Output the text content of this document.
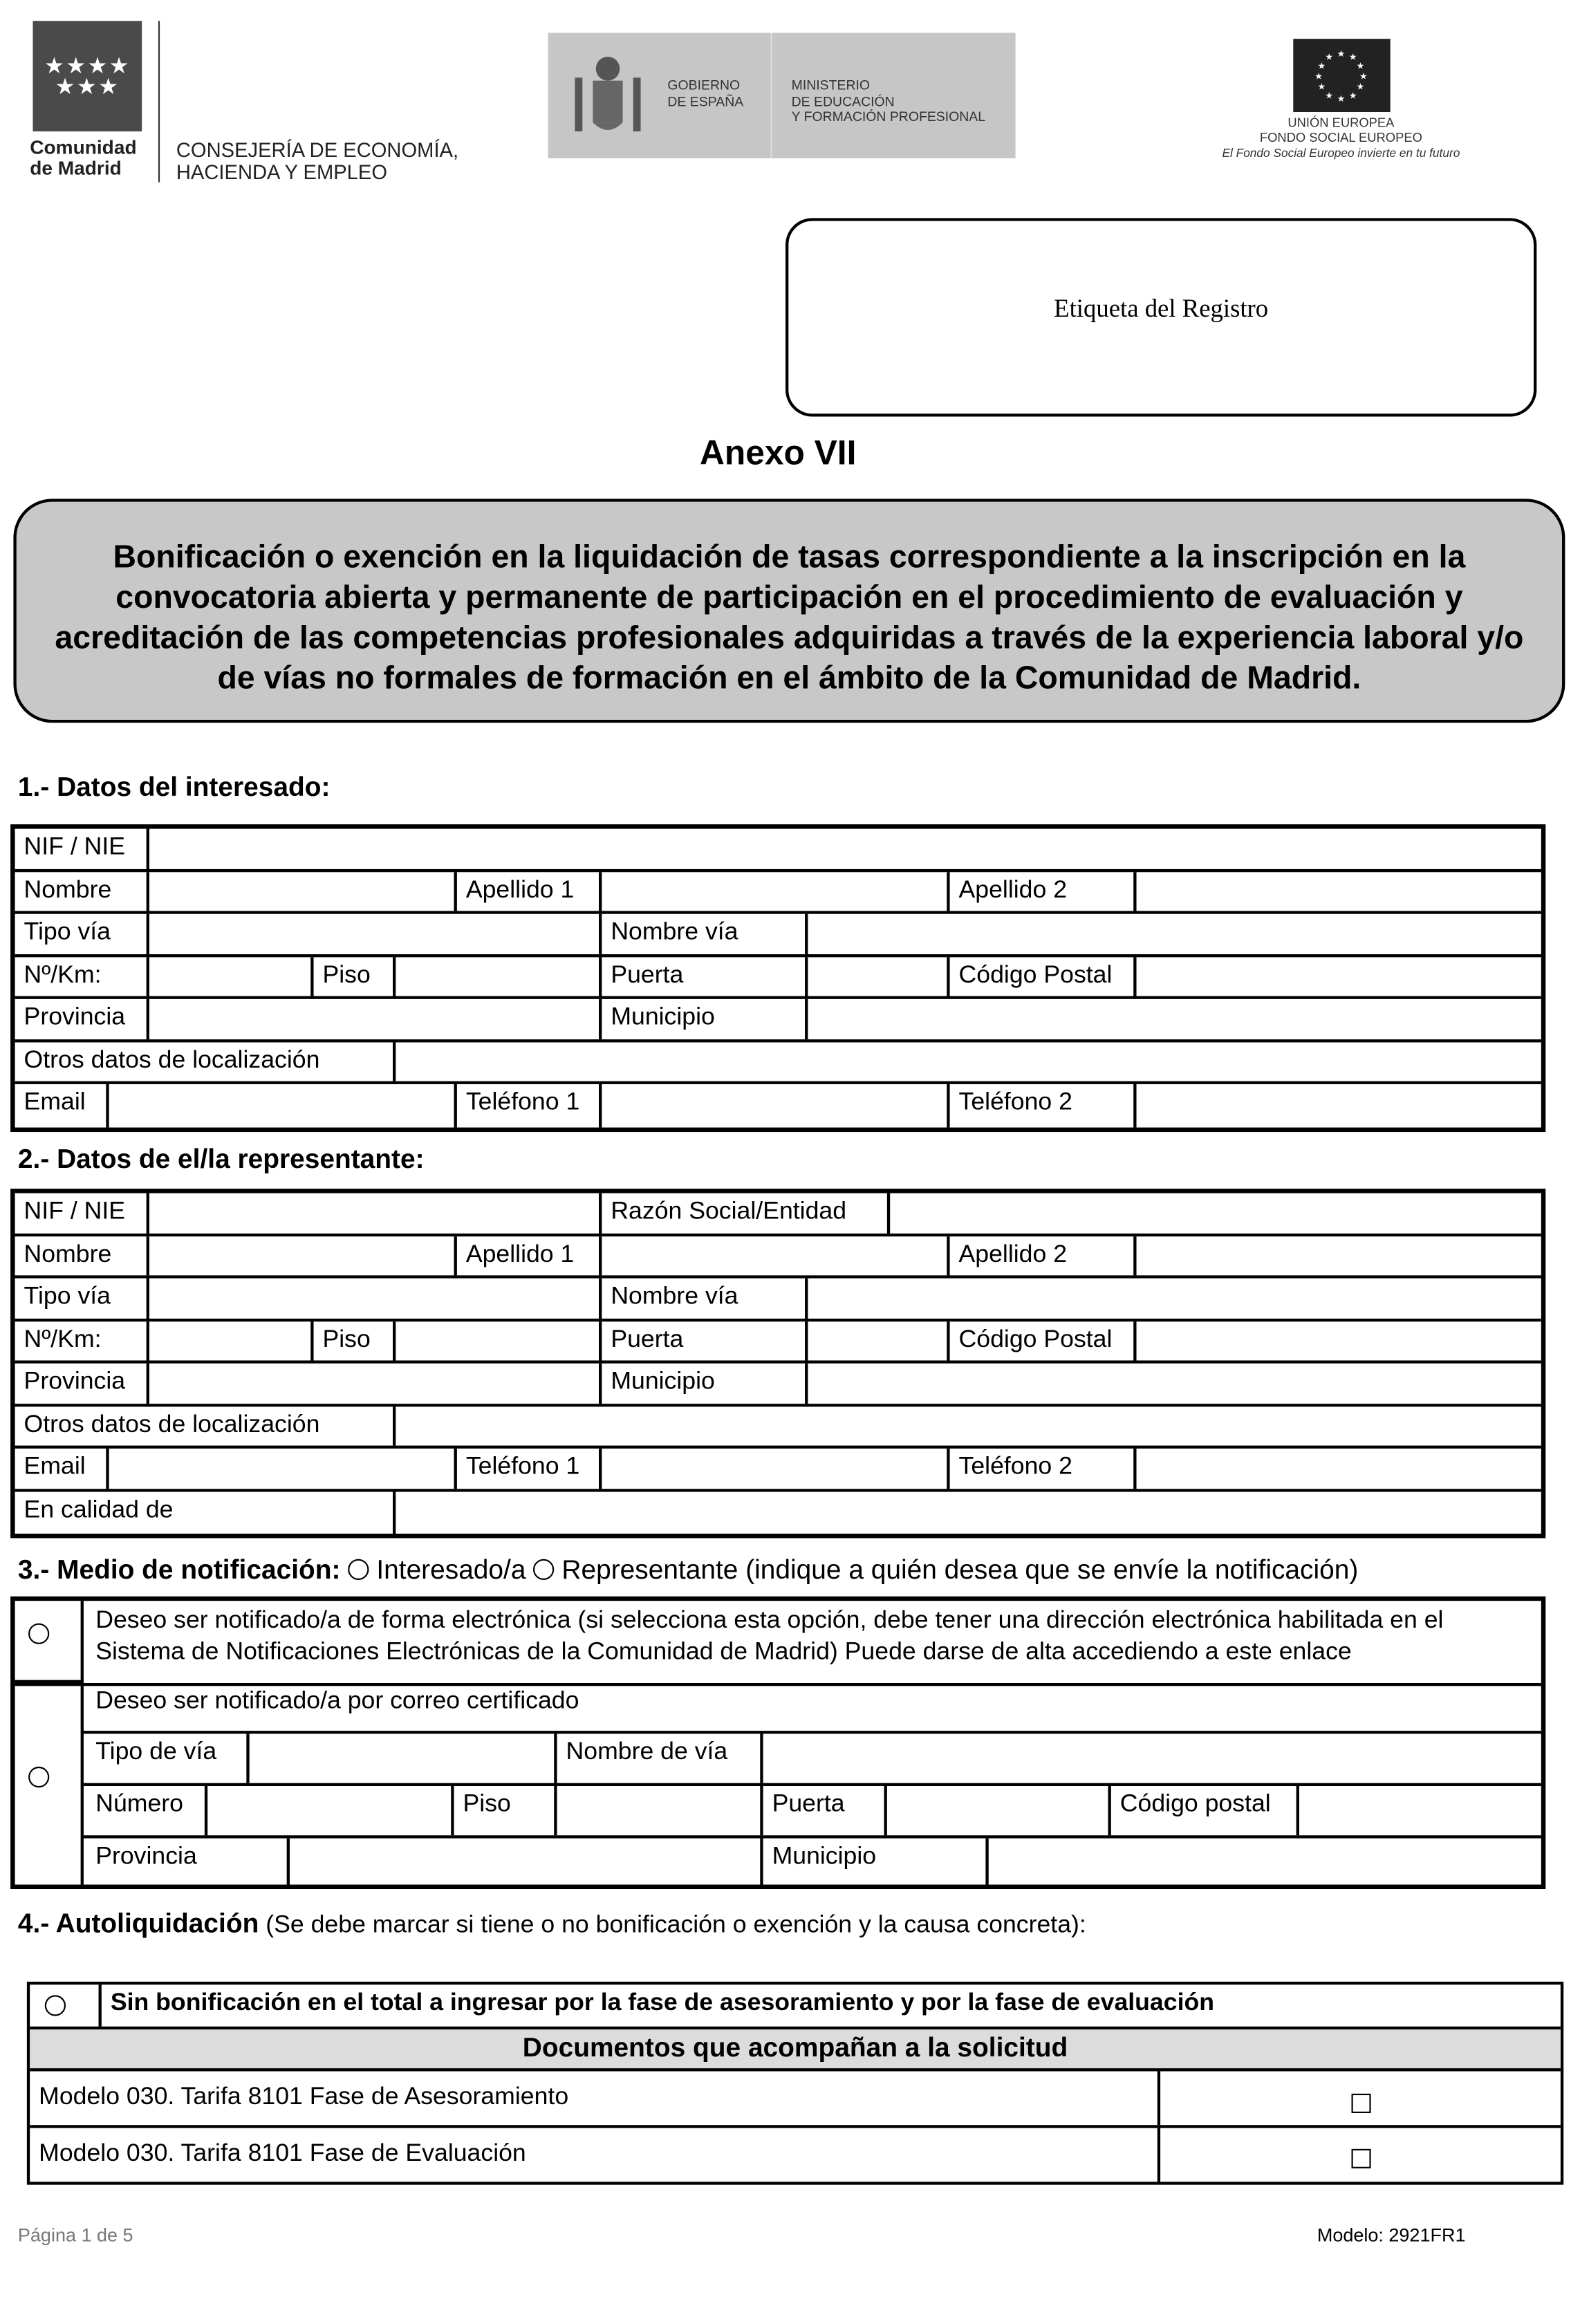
★★★★
★★★
Comunidad
de Madrid
CONSEJERÍA DE ECONOMÍA,
HACIENDA Y EMPLEO
GOBIERNO
DE ESPAÑA
MINISTERIO
DE EDUCACIÓN
Y FORMACIÓN PROFESIONAL
★ ★
★
★
★
★
★
★
★
★
★
★
UNIÓN EUROPEA
FONDO SOCIAL EUROPEO
El Fondo Social Europeo invierte en tu futuro
Etiqueta del Registro
Anexo VII
Bonificación o exención en la liquidación de tasas correspondiente a la inscripción en la convocatoria abierta y permanente de participación en el procedimiento de evaluación y acreditación de las competencias profesionales adquiridas a través de la experiencia laboral y/o de vías no formales de formación en el ámbito de la Comunidad de Madrid.
1.- Datos del interesado:
NIF / NIE
Nombre	Apellido 1	Apellido 2
Tipo vía	Nombre vía
Nº/Km:	Piso	Puerta	Código Postal
Provincia	Municipio
Otros datos de localización
Email	Teléfono 1	Teléfono 2
2.- Datos de el/la representante:
NIF / NIE	Razón Social/Entidad
Nombre	Apellido 1	Apellido 2
Tipo vía	Nombre vía
Nº/Km:	Piso	Puerta	Código Postal
Provincia	Municipio
Otros datos de localización
Email	Teléfono 1	Teléfono 2
En calidad de
3.- Medio de notificación:	Interesado/a	Representante (indique a quién desea que se envíe la notificación)
Deseo ser notificado/a de forma electrónica (si selecciona esta opción, debe tener una dirección electrónica habilitada en el Sistema de Notificaciones Electrónicas de la Comunidad de Madrid) Puede darse de alta accediendo a este enlace
Deseo ser notificado/a por correo certificado
Tipo de vía	Nombre de vía
Número	Piso	Puerta	Código postal
Provincia	Municipio
4.- Autoliquidación (Se debe marcar si tiene o no bonificación o exención y la causa concreta):
Sin bonificación en el total a ingresar por la fase de asesoramiento y por la fase de evaluación
Documentos que acompañan a la solicitud
Modelo 030. Tarifa 8101 Fase de Asesoramiento
Modelo 030. Tarifa 8101 Fase de Evaluación
Página 1 de 5	Modelo: 2921FR1
